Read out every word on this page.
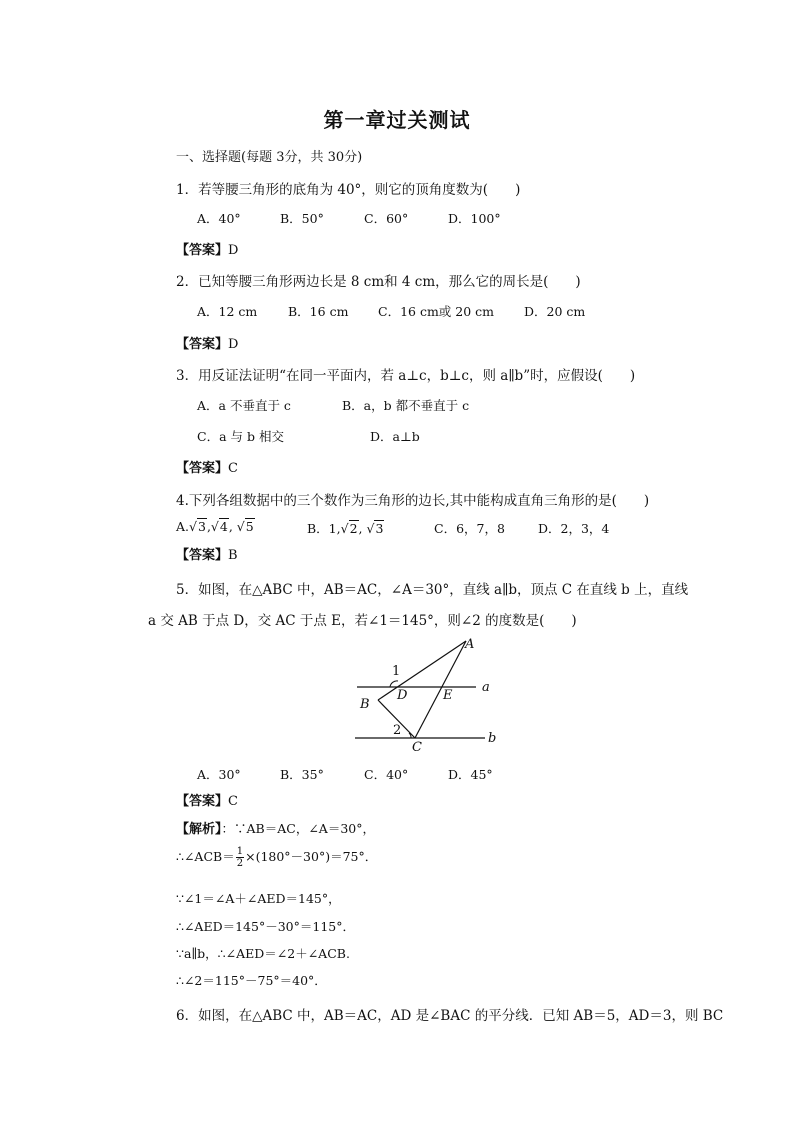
第一章过关测试
一、选择题(每题 3分，共 30分)
1．若等腰三角形的底角为 40°，则它的顶角度数为(　　)
A．40°	B．50°	C．60°	D．100°
【答案】D
2．已知等腰三角形两边长是 8 cm和 4 cm，那么它的周长是(　　)
A．12 cm B．16 cm C．16 cm或 20 cm D．20 cm
【答案】D
3．用反证法证明“在同一平面内，若 a⊥c，b⊥c，则 a∥b”时，应假设(　　)
A．a 不垂直于 c	B．a，b 都不垂直于 c
C．a 与 b 相交	D．a⊥b
【答案】C
4.下列各组数据中的三个数作为三角形的边长,其中能构成直角三角形的是(　　)
A.√3,√4, √5	B．1,√2, √3	C．6，7，8	D．2，3，4
【答案】B
5．如图，在△ABC 中，AB＝AC，∠A＝30°，直线 a∥b，顶点 C 在直线 b 上，直线
a 交 AB 于点 D，交 AC 于点 E，若∠1＝145°，则∠2 的度数是(　　)
A
B
C
D	E
a
b
1
2
A．30°	B．35°	C．40°	D．45°
【答案】C
【解析】：∵AB＝AC，∠A＝30°，
∴∠ACB＝ $\frac{1}{2} \times(180^\circ-30^\circ)=75^\circ$．
∵∠1＝∠A＋∠AED＝145°，
∴∠AED＝145°－30°＝115°．
∵a∥b，∴∠AED＝∠2＋∠ACB.
∴∠2＝115°－75°＝40°．
6．如图，在△ABC 中，AB＝AC，AD 是∠BAC 的平分线．已知 AB＝5，AD＝3，则 BC
